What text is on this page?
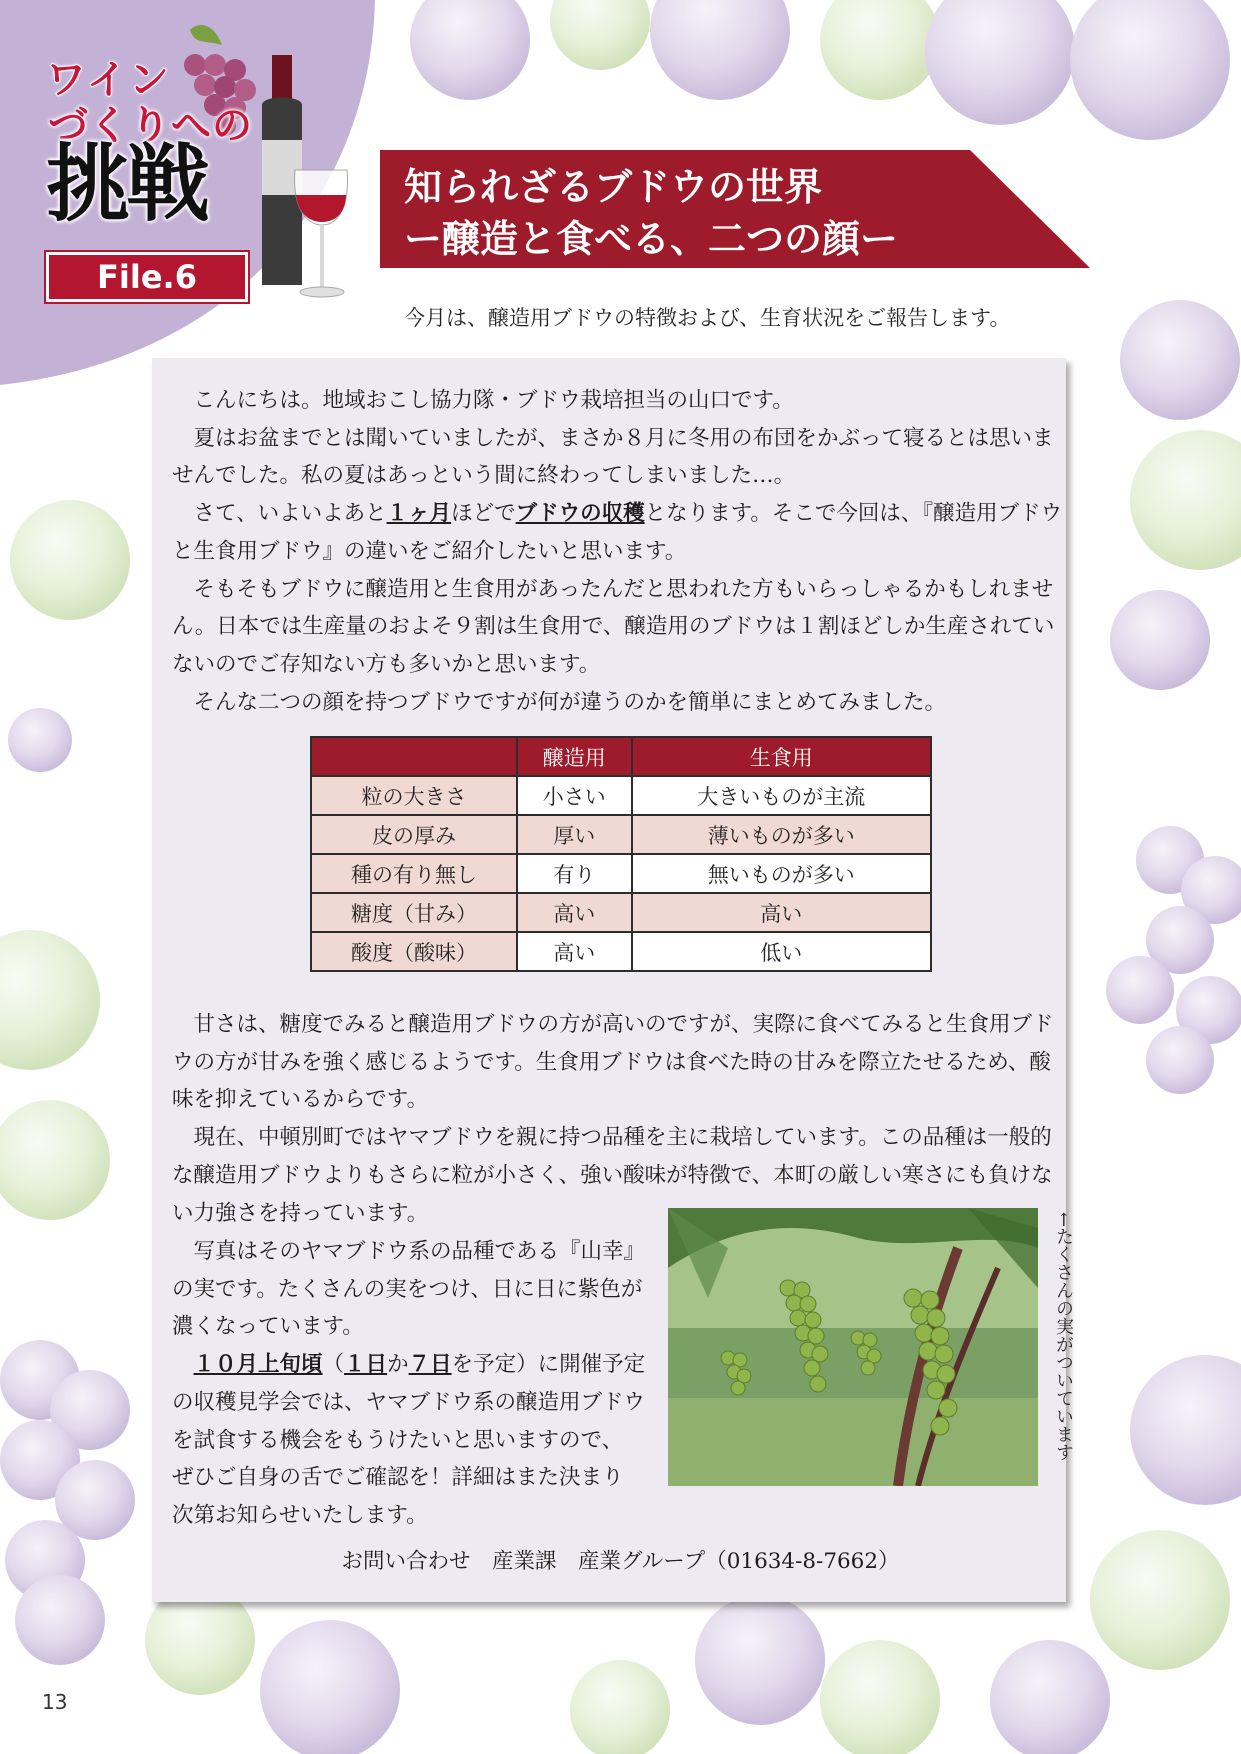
ワイン
づくりへの
挑戦
File.6
知られざるブドウの世界
ー醸造と食べる、二つの顔ー
今月は、醸造用ブドウの特徴および、生育状況をご報告します。

　こんにちは。地域おこし協力隊・ブドウ栽培担当の山口です。

　夏はお盆までとは聞いていましたが、まさか８月に冬用の布団をかぶって寝るとは思いませんでした。私の夏はあっという間に終わってしまいました…。

　さて、いよいよあと１ヶ月ほどでブドウの収穫となります。そこで今回は、『醸造用ブドウと生食用ブドウ』の違いをご紹介したいと思います。

　そもそもブドウに醸造用と生食用があったんだと思われた方もいらっしゃるかもしれません。日本では生産量のおよそ９割は生食用で、醸造用のブドウは１割ほどしか生産されていないのでご存知ない方も多いかと思います。

　そんな二つの顔を持つブドウですが何が違うのかを簡単にまとめてみました。

	醸造用	生食用
粒の大きさ	小さい	大きいものが主流
皮の厚み	厚い	薄いものが多い
種の有り無し	有り	無いものが多い
糖度（甘み）	高い	高い
酸度（酸味）	高い	低い

　甘さは、糖度でみると醸造用ブドウの方が高いのですが、実際に食べてみると生食用ブドウの方が甘みを強く感じるようです。生食用ブドウは食べた時の甘みを際立たせるため、酸味を抑えているからです。

　現在、中頓別町ではヤマブドウを親に持つ品種を主に栽培しています。この品種は一般的な醸造用ブドウよりもさらに粒が小さく、強い酸味が特徴で、本町の厳しい寒さにも負けない力強さを持っています。

　写真はそのヤマブドウ系の品種である『山幸』

の実です。たくさんの実をつけ、日に日に紫色が

濃くなっています。

　１０月上旬頃（１日か７日を予定）に開催予定

の収穫見学会では、ヤマブドウ系の醸造用ブドウ

を試食する機会をもうけたいと思いますので、

ぜひご自身の舌でご確認を！詳細はまた決まり

次第お知らせいたします。

←たくさんの実がついています
お問い合わせ　産業課　産業グループ（01634-8-7662）
13
